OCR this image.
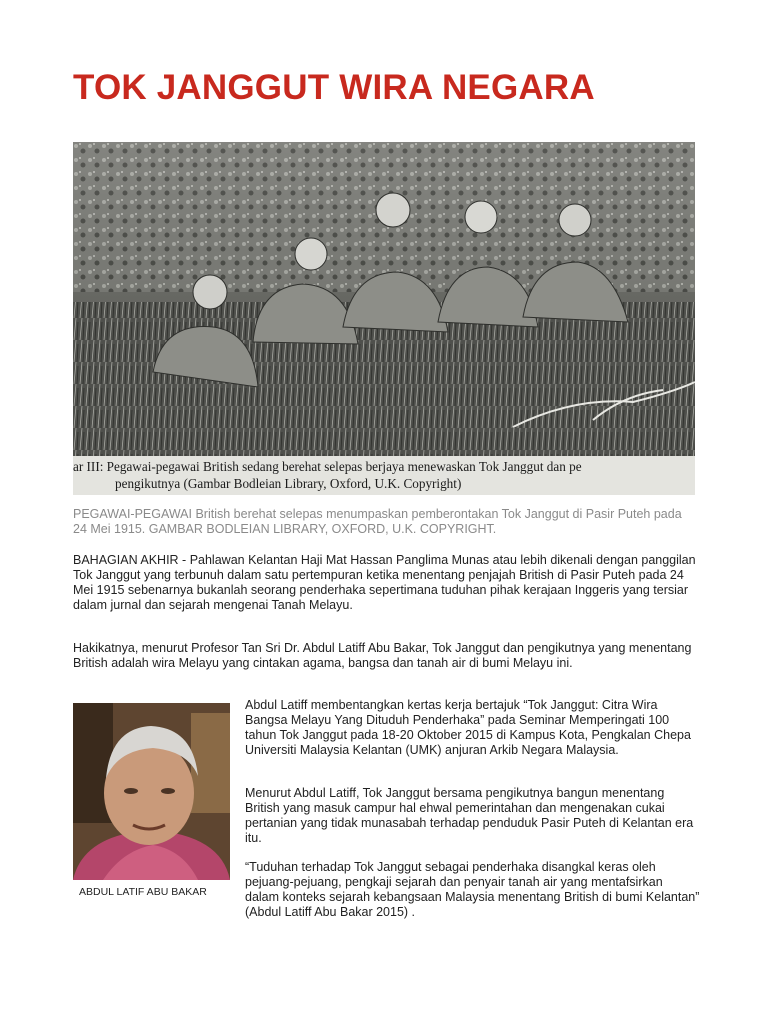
TOK JANGGUT WIRA NEGARA
ar III: Pegawai-pegawai British sedang berehat selepas berjaya menewaskan Tok Janggut dan pe
pengikutnya (Gambar Bodleian Library, Oxford, U.K. Copyright)

PEGAWAI-PEGAWAI British berehat selepas menumpaskan pemberontakan Tok Janggut di Pasir Puteh pada 24 Mei 1915. GAMBAR BODLEIAN LIBRARY, OXFORD, U.K. COPYRIGHT.

BAHAGIAN AKHIR - Pahlawan Kelantan Haji Mat Hassan Panglima Munas atau lebih dikenali dengan panggilan Tok Janggut yang terbunuh dalam satu pertempuran ketika menentang penjajah British di Pasir Puteh pada 24 Mei 1915 sebenarnya bukanlah seorang penderhaka sepertimana tuduhan pihak kerajaan Inggeris yang tersiar dalam jurnal dan sejarah mengenai Tanah Melayu.

Hakikatnya, menurut Profesor Tan Sri Dr. Abdul Latiff Abu Bakar, Tok Janggut dan pengikutnya yang menentang British adalah wira Melayu yang cintakan agama, bangsa dan tanah air di bumi Melayu ini.

ABDUL LATIF ABU BAKAR

Abdul Latiff membentangkan kertas kerja bertajuk “Tok Janggut: Citra Wira Bangsa Melayu Yang Dituduh Penderhaka” pada Seminar Memperingati 100 tahun Tok Janggut pada 18-20 Oktober 2015 di Kampus Kota, Pengkalan Chepa Universiti Malaysia Kelantan (UMK) anjuran Arkib Negara Malaysia.

Menurut Abdul Latiff, Tok Janggut bersama pengikutnya bangun menentang British yang masuk campur hal ehwal pemerintahan dan mengenakan cukai pertanian yang tidak munasabah terhadap penduduk Pasir Puteh di Kelantan era itu.

“Tuduhan terhadap Tok Janggut sebagai penderhaka disangkal keras oleh pejuang-pejuang, pengkaji sejarah dan penyair tanah air yang mentafsirkan dalam konteks sejarah kebangsaan Malaysia menentang British di bumi Kelantan” (Abdul Latiff Abu Bakar 2015) .
